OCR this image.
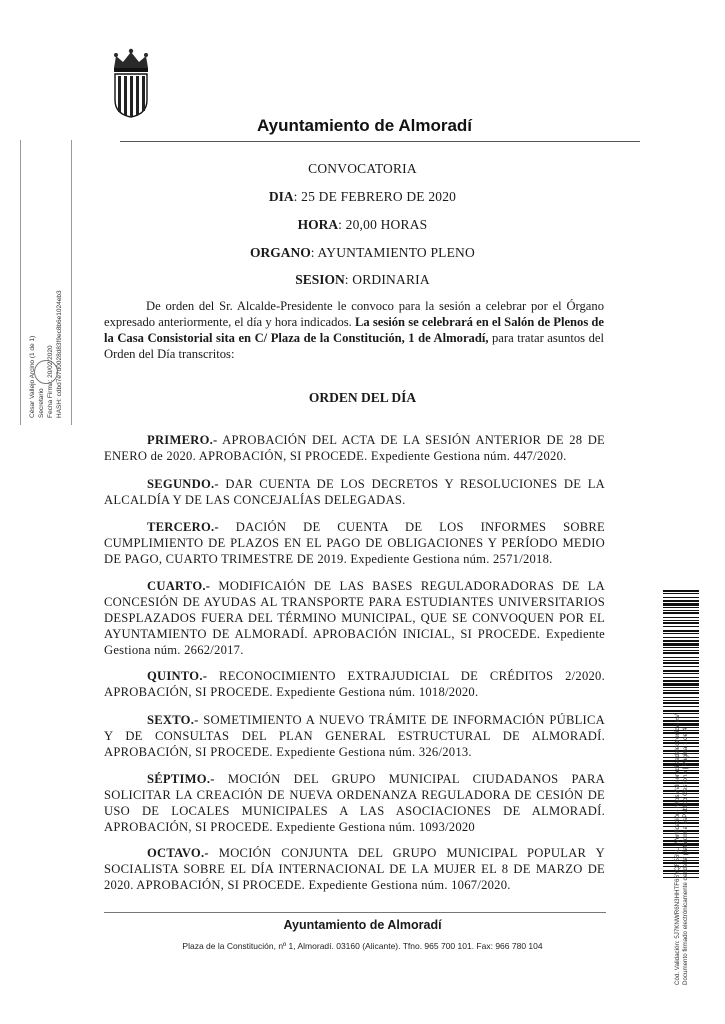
Ayuntamiento de Almoradí
César Vallejo Arcino (1 de 1) Secretario Fecha Firma: 20/02/2020 HASH: cdbd7e7d0028d83f9ec8b6e1024eb3
CONVOCATORIA
DIA: 25 DE FEBRERO DE 2020
HORA: 20,00 HORAS
ORGANO: AYUNTAMIENTO PLENO
SESION: ORDINARIA
De orden del Sr. Alcalde-Presidente le convoco para la sesión a celebrar por el Órgano expresado anteriormente, el día y hora indicados. La sesión se celebrará en el Salón de Plenos de la Casa Consistorial sita en C/ Plaza de la Constitución, 1 de Almoradí, para tratar asuntos del Orden del Día transcritos:
ORDEN DEL DÍA
PRIMERO.- APROBACIÓN DEL ACTA DE LA SESIÓN ANTERIOR DE 28 DE ENERO de 2020. APROBACIÓN, SI PROCEDE. Expediente Gestiona núm. 447/2020.
SEGUNDO.- DAR CUENTA DE LOS DECRETOS Y RESOLUCIONES DE LA ALCALDÍA Y DE LAS CONCEJALÍAS DELEGADAS.
TERCERO.- DACIÓN DE CUENTA DE LOS INFORMES SOBRE CUMPLIMIENTO DE PLAZOS EN EL PAGO DE OBLIGACIONES Y PERÍODO MEDIO DE PAGO, CUARTO TRIMESTRE DE 2019. Expediente Gestiona núm. 2571/2018.
CUARTO.- MODIFICAIÓN DE LAS BASES REGULADORADORAS DE LA CONCESIÓN DE AYUDAS AL TRANSPORTE PARA ESTUDIANTES UNIVERSITARIOS DESPLAZADOS FUERA DEL TÉRMINO MUNICIPAL, QUE SE CONVOQUEN POR EL AYUNTAMIENTO DE ALMORADÍ. APROBACIÓN INICIAL, SI PROCEDE. Expediente Gestiona núm. 2662/2017.
QUINTO.- RECONOCIMIENTO EXTRAJUDICIAL DE CRÉDITOS 2/2020. APROBACIÓN, SI PROCEDE. Expediente Gestiona núm. 1018/2020.
SEXTO.- SOMETIMIENTO A NUEVO TRÁMITE DE INFORMACIÓN PÚBLICA Y DE CONSULTAS DEL PLAN GENERAL ESTRUCTURAL DE ALMORADÍ. APROBACIÓN, SI PROCEDE. Expediente Gestiona núm. 326/2013.
SÉPTIMO.- MOCIÓN DEL GRUPO MUNICIPAL CIUDADANOS PARA SOLICITAR LA CREACIÓN DE NUEVA ORDENANZA REGULADORA DE CESIÓN DE USO DE LOCALES MUNICIPALES A LAS ASOCIACIONES DE ALMORADÍ. APROBACIÓN, SI PROCEDE. Expediente Gestiona núm. 1093/2020
OCTAVO.- MOCIÓN CONJUNTA DEL GRUPO MUNICIPAL POPULAR Y SOCIALISTA SOBRE EL DÍA INTERNACIONAL DE LA MUJER EL 8 DE MARZO DE 2020. APROBACIÓN, SI PROCEDE. Expediente Gestiona núm. 1067/2020.
Ayuntamiento de Almoradí
Plaza de la Constitución, nº 1, Almoradí. 03160 (Alicante). Tfno. 965 700 101. Fax: 966 780 104	Cód. Validación: 5J7KNWR6N3HHTF66YQR565L | Verificación: https://almoradi.sedelectronica.es/ Documento firmado electrónicamente desde la plataforma esPublico Gestiona | Página 1 de 4
